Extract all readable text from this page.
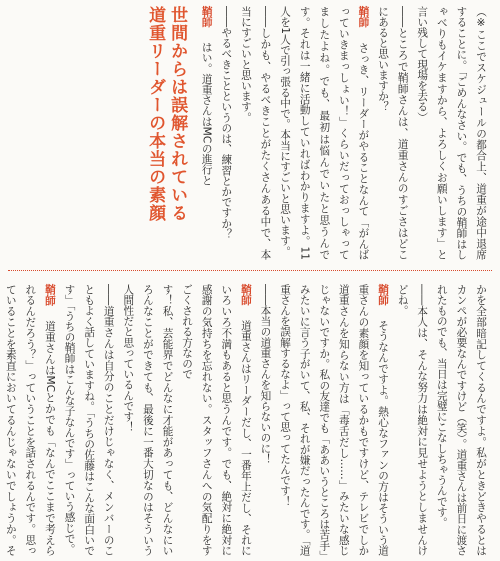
（※ここでスケジュールの都合上、道重が途中退席することに。「ごめんなさい。でも、うちの鞘師はしゃべりもイケますから、よろしくお願いします」と言い残して現場を去る）

――ところで鞘師さんは、道重さんのすごさはどこにあると思いますか？

鞘師　さっき、リーダーがやることなんて「がんばっていきまっしょい！」くらいだっておっしゃってましたよね。でも、最初は悩んでいたと思うんです。それは一緒に活動していればわかりますよ。11人を1人で引っ張る中で。本当にすごいと思います。

――しかも、やるべきことがたくさんある中で、本当にすごいと思います。

――やるべきことというのは、練習とかですか？

鞘師　はい。道重さんはMCの進行と

世間からは誤解されている
道重リーダーの本当の素顔

かを全部暗記してくるんですよ。私がときどきやるとはカンペが必要なんですけど（笑）。道重さんは前日に渡されたものでも、当日は完璧にこなしちゃうんです。

――本人は、そんな努力は絶対に見せようとしませんけどね。

鞘師　そうなんですよ。熱心なファンの方はそういう道重さんの素顔を知っているかもですけど、テレビでしか道重さんを知らない方は「毒舌だし……」みたいな感じじゃないですか。私の友達でも「ああいうところは苦手」みたいに言う子がいて、私、それが嫌だったんです。「道重さんを誤解するなよ」って思ってたんです！

――本当の道重さんを知らないのに！

鞘師　道重さんはリーダーだし、一番年上だし、それにいろいろ不満もあると思うんです。でも、絶対に絶対に感謝の気持ちを忘れない。スタッフさんへの気配りをすごくされる方なので

す！私、芸能界でどんなに才能があっても、どんなにいろんなことができても、最後に一番大切なのはそういう人間性だと思っているんです！

――道重さんは自分のことだけじゃなく、メンバーのこともよく話していますね。「うちの佐藤はこんな面白いです」「うちの鞘師はこんな子なんです」っていう感じで。

鞘師　道重さんはMCとかでも「なんでここまで考えられるんだろう？」っていうことを話されるんです。思っていることを素直においてるんじゃないでしょうか。そ
